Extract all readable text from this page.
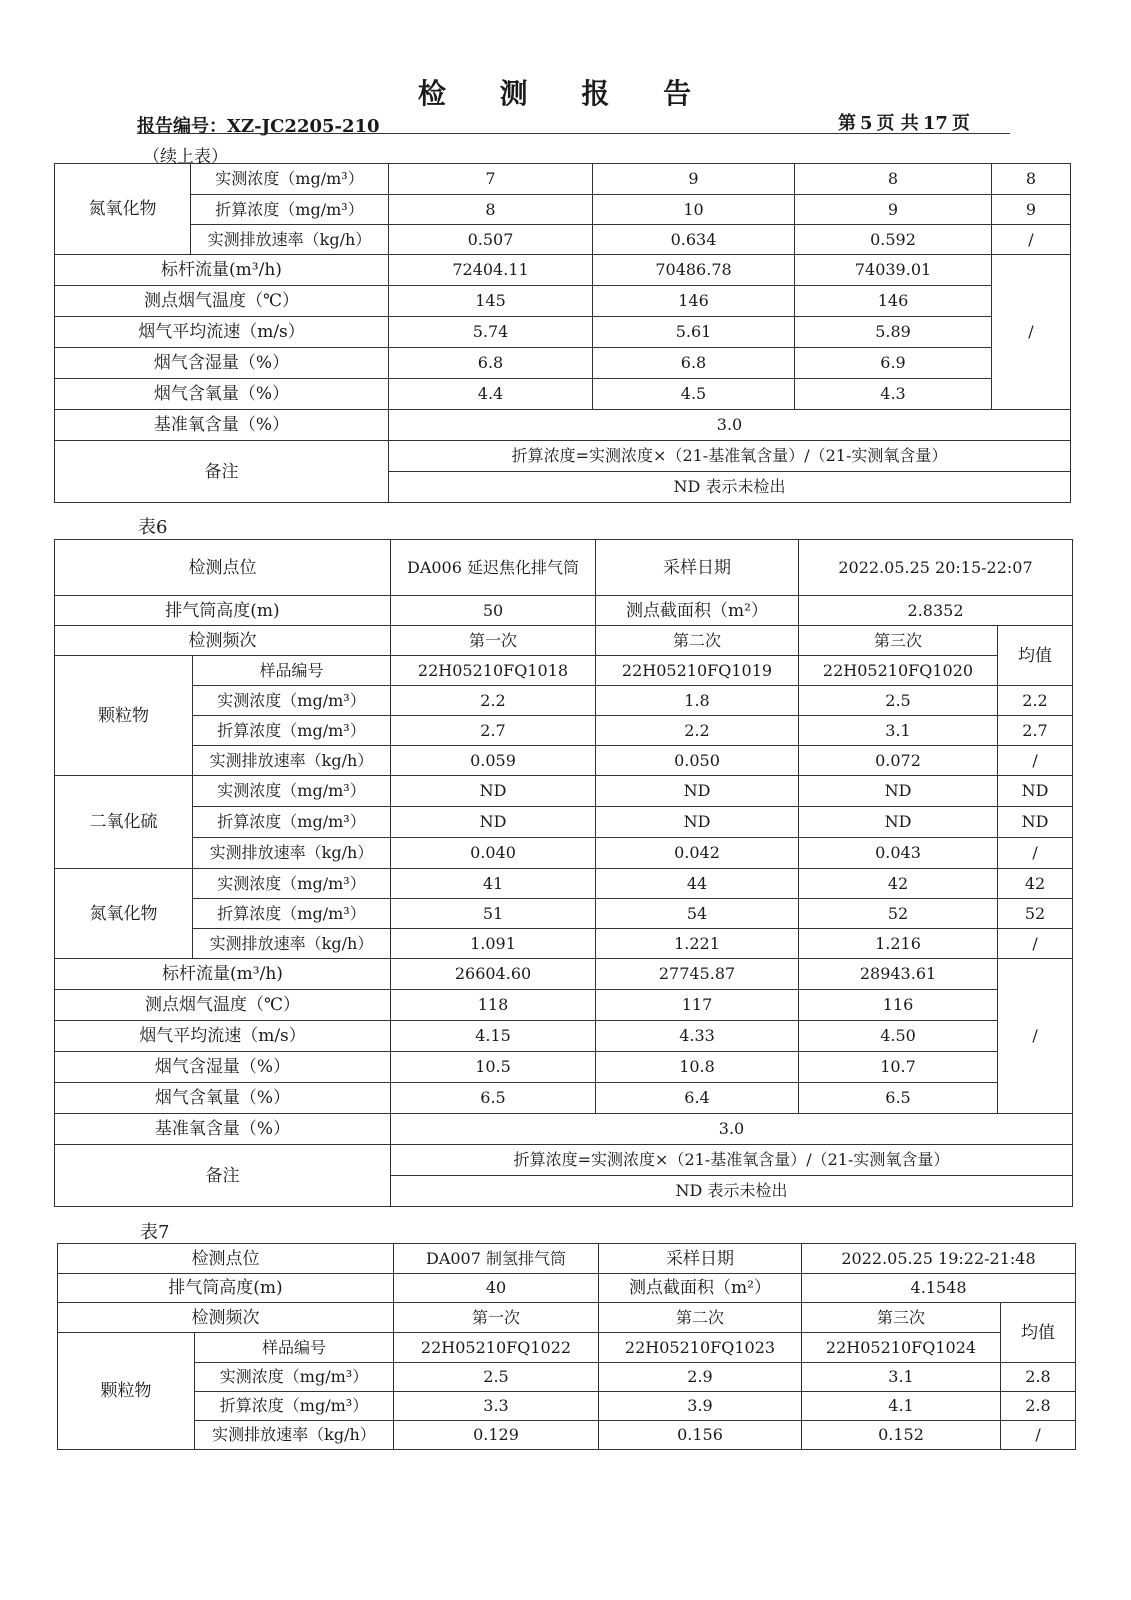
检 测 报 告
报告编号：XZ-JC2205-210	第 5 页 共 17 页
（续上表）
氮氧化物	实测浓度（mg/m³）	7	9	8	8
	折算浓度（mg/m³）	8	10	9	9
	实测排放速率（kg/h）	0.507	0.634	0.592	/
标杆流量(m³/h)		72404.11	70486.78	74039.01	/
测点烟气温度（℃）		145	146	146	
烟气平均流速（m/s）		5.74	5.61	5.89	
烟气含湿量（%）		6.8	6.8	6.9	
烟气含氧量（%）		4.4	4.5	4.3	
基准氧含量（%）		3.0			
备注		折算浓度=实测浓度×（21-基准氧含量）/（21-实测氧含量）			
		ND 表示未检出			
表6
检测点位		DA006 延迟焦化排气筒	采样日期	2022.05.25 20:15-22:07	
排气筒高度(m)		50	测点截面积（m²）	2.8352	
检测频次		第一次	第二次	第三次	均值
颗粒物	样品编号	22H05210FQ1018	22H05210FQ1019	22H05210FQ1020	
	实测浓度（mg/m³）	2.2	1.8	2.5	2.2
	折算浓度（mg/m³）	2.7	2.2	3.1	2.7
	实测排放速率（kg/h）	0.059	0.050	0.072	/
二氧化硫	实测浓度（mg/m³）	ND	ND	ND	ND
	折算浓度（mg/m³）	ND	ND	ND	ND
	实测排放速率（kg/h）	0.040	0.042	0.043	/
氮氧化物	实测浓度（mg/m³）	41	44	42	42
	折算浓度（mg/m³）	51	54	52	52
	实测排放速率（kg/h）	1.091	1.221	1.216	/
标杆流量(m³/h)		26604.60	27745.87	28943.61	/
测点烟气温度（℃）		118	117	116	
烟气平均流速（m/s）		4.15	4.33	4.50	
烟气含湿量（%）		10.5	10.8	10.7	
烟气含氧量（%）		6.5	6.4	6.5	
基准氧含量（%）		3.0			
备注		折算浓度=实测浓度×（21-基准氧含量）/（21-实测氧含量）			
		ND 表示未检出			
表7
检测点位		DA007 制氢排气筒	采样日期	2022.05.25 19:22-21:48	
排气筒高度(m)		40	测点截面积（m²）	4.1548	
检测频次		第一次	第二次	第三次	均值
颗粒物	样品编号	22H05210FQ1022	22H05210FQ1023	22H05210FQ1024	
	实测浓度（mg/m³）	2.5	2.9	3.1	2.8
	折算浓度（mg/m³）	3.3	3.9	4.1	2.8
	实测排放速率（kg/h）	0.129	0.156	0.152	/
